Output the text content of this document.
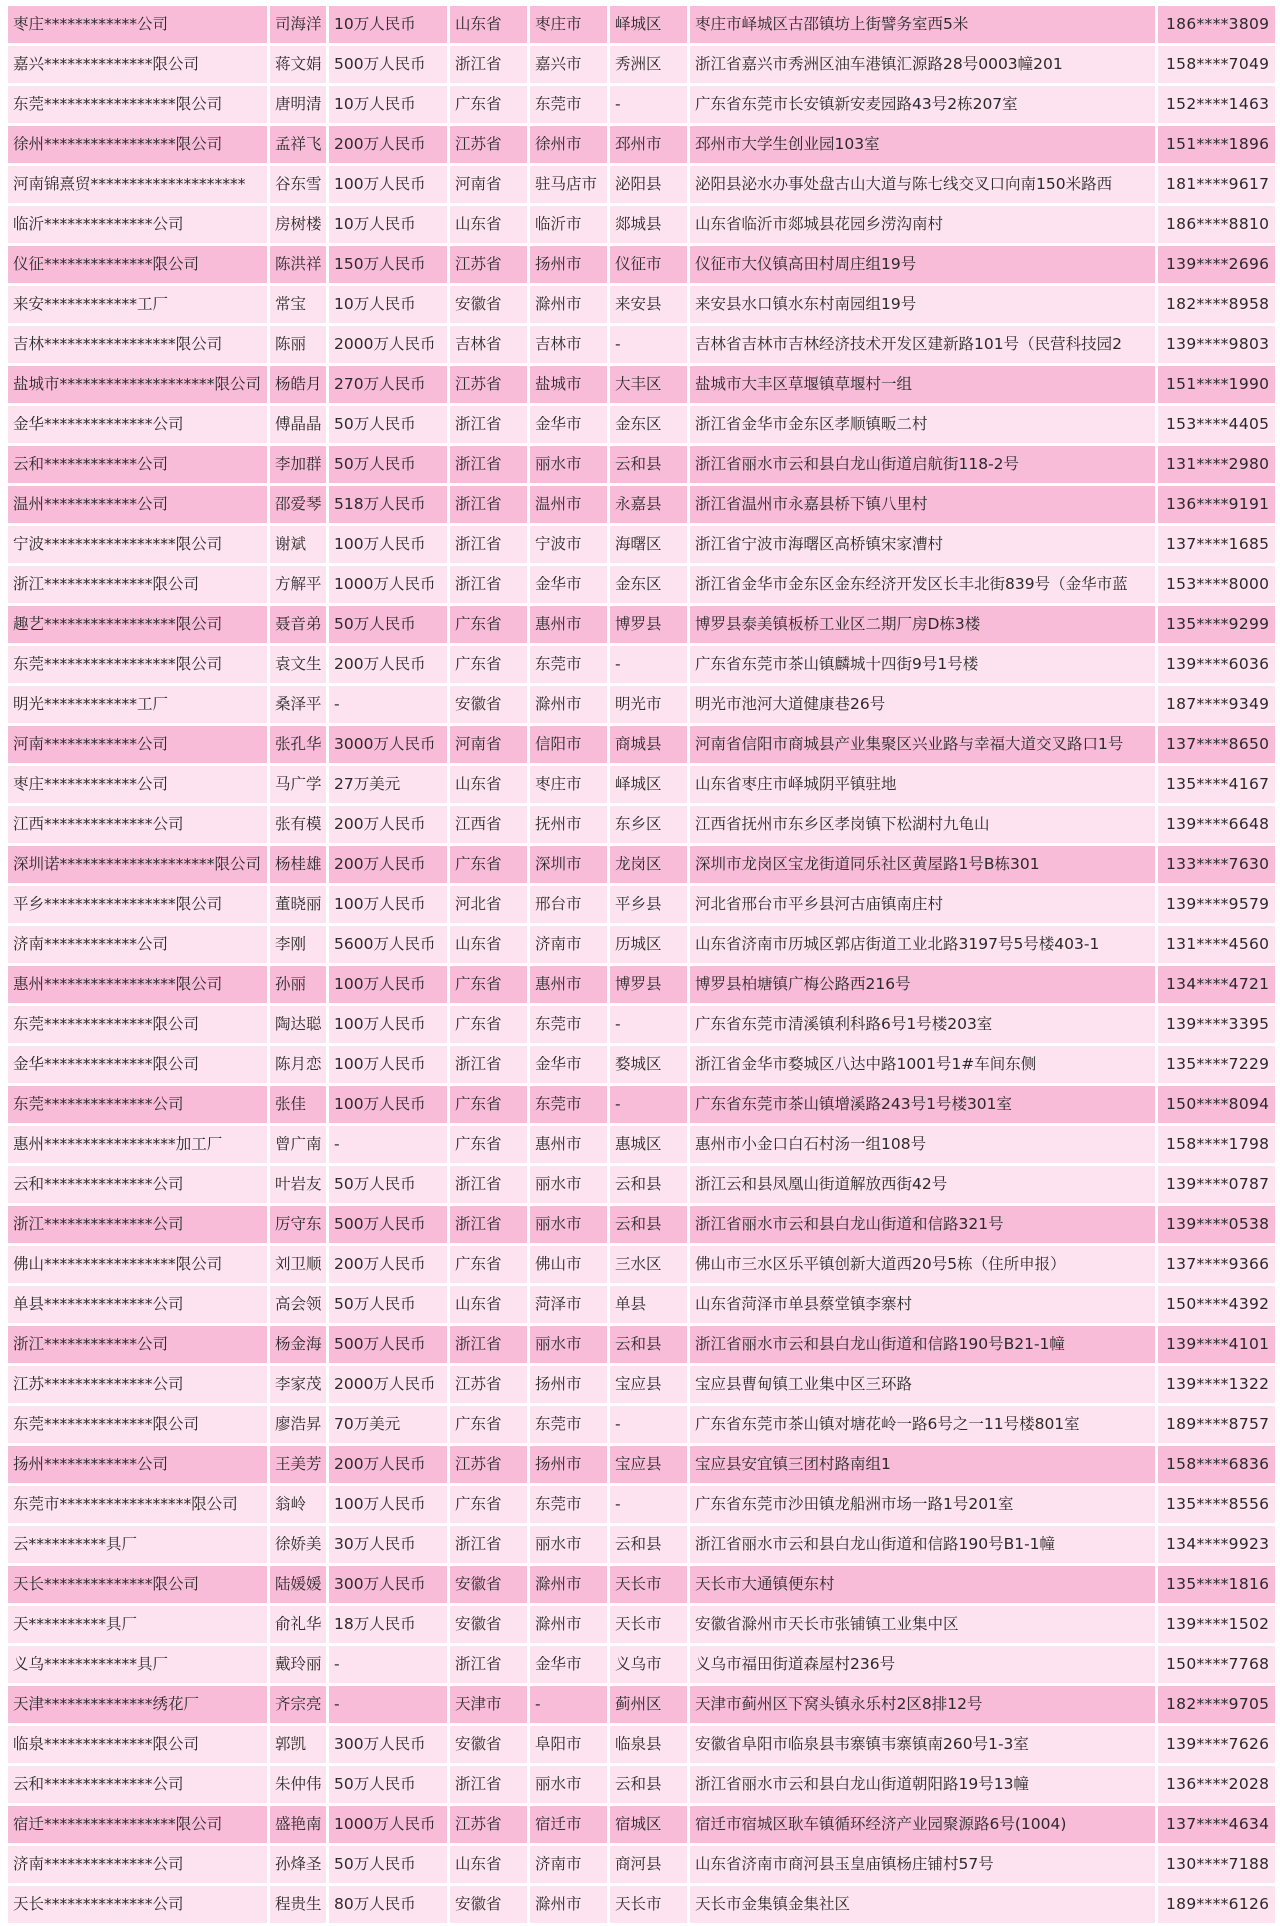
枣庄************公司	司海洋	10万人民币	山东省	枣庄市	峄城区	枣庄市峄城区古邵镇坊上街譬务室西5米	186****3809
嘉兴**************限公司	蒋文娟	500万人民币	浙江省	嘉兴市	秀洲区	浙江省嘉兴市秀洲区油车港镇汇源路28号0003幢201	158****7049
东莞*****************限公司	唐明清	10万人民币	广东省	东莞市	-	广东省东莞市长安镇新安麦园路43号2栋207室	152****1463
徐州*****************限公司	孟祥飞	200万人民币	江苏省	徐州市	邳州市	邳州市大学生创业园103室	151****1896
河南锦熹贸********************	谷东雪	100万人民币	河南省	驻马店市	泌阳县	泌阳县泌水办事处盘古山大道与陈七线交叉口向南150米路西	181****9617
临沂**************公司	房树楼	10万人民币	山东省	临沂市	郯城县	山东省临沂市郯城县花园乡涝沟南村	186****8810
仪征**************限公司	陈洪祥	150万人民币	江苏省	扬州市	仪征市	仪征市大仪镇高田村周庄组19号	139****2696
来安************工厂	常宝	10万人民币	安徽省	滁州市	来安县	来安县水口镇水东村南园组19号	182****8958
吉林*****************限公司	陈丽	2000万人民币	吉林省	吉林市	-	吉林省吉林市吉林经济技术开发区建新路101号（民营科技园2	139****9803
盐城市********************限公司	杨皓月	270万人民币	江苏省	盐城市	大丰区	盐城市大丰区草堰镇草堰村一组	151****1990
金华**************公司	傅晶晶	50万人民币	浙江省	金华市	金东区	浙江省金华市金东区孝顺镇畈二村	153****4405
云和************公司	李加群	50万人民币	浙江省	丽水市	云和县	浙江省丽水市云和县白龙山街道启航街118-2号	131****2980
温州************公司	邵爱琴	518万人民币	浙江省	温州市	永嘉县	浙江省温州市永嘉县桥下镇八里村	136****9191
宁波*****************限公司	谢斌	100万人民币	浙江省	宁波市	海曙区	浙江省宁波市海曙区高桥镇宋家漕村	137****1685
浙江**************限公司	方解平	1000万人民币	浙江省	金华市	金东区	浙江省金华市金东区金东经济开发区长丰北街839号（金华市蓝	153****8000
趣艺*****************限公司	聂音弟	50万人民币	广东省	惠州市	博罗县	博罗县泰美镇板桥工业区二期厂房D栋3楼	135****9299
东莞*****************限公司	袁文生	200万人民币	广东省	东莞市	-	广东省东莞市茶山镇麟城十四街9号1号楼	139****6036
明光************工厂	桑泽平	-	安徽省	滁州市	明光市	明光市池河大道健康巷26号	187****9349
河南************公司	张孔华	3000万人民币	河南省	信阳市	商城县	河南省信阳市商城县产业集聚区兴业路与幸福大道交叉路口1号	137****8650
枣庄************公司	马广学	27万美元	山东省	枣庄市	峄城区	山东省枣庄市峄城阴平镇驻地	135****4167
江西**************公司	张有模	200万人民币	江西省	抚州市	东乡区	江西省抚州市东乡区孝岗镇下松湖村九龟山	139****6648
深圳诺********************限公司	杨桂雄	200万人民币	广东省	深圳市	龙岗区	深圳市龙岗区宝龙街道同乐社区黄屋路1号B栋301	133****7630
平乡*****************限公司	董晓丽	100万人民币	河北省	邢台市	平乡县	河北省邢台市平乡县河古庙镇南庄村	139****9579
济南************公司	李刚	5600万人民币	山东省	济南市	历城区	山东省济南市历城区郭店街道工业北路3197号5号楼403-1	131****4560
惠州*****************限公司	孙丽	100万人民币	广东省	惠州市	博罗县	博罗县柏塘镇广梅公路西216号	134****4721
东莞**************限公司	陶达聪	100万人民币	广东省	东莞市	-	广东省东莞市清溪镇利科路6号1号楼203室	139****3395
金华**************限公司	陈月恋	100万人民币	浙江省	金华市	婺城区	浙江省金华市婺城区八达中路1001号1#车间东侧	135****7229
东莞**************公司	张佳	100万人民币	广东省	东莞市	-	广东省东莞市茶山镇增溪路243号1号楼301室	150****8094
惠州*****************加工厂	曾广南	-	广东省	惠州市	惠城区	惠州市小金口白石村汤一组108号	158****1798
云和**************公司	叶岩友	50万人民币	浙江省	丽水市	云和县	浙江云和县凤凰山街道解放西街42号	139****0787
浙江**************公司	厉守东	500万人民币	浙江省	丽水市	云和县	浙江省丽水市云和县白龙山街道和信路321号	139****0538
佛山*****************限公司	刘卫顺	200万人民币	广东省	佛山市	三水区	佛山市三水区乐平镇创新大道西20号5栋（住所申报）	137****9366
单县**************公司	高会领	50万人民币	山东省	菏泽市	单县	山东省菏泽市单县蔡堂镇李寨村	150****4392
浙江************公司	杨金海	500万人民币	浙江省	丽水市	云和县	浙江省丽水市云和县白龙山街道和信路190号B21-1幢	139****4101
江苏**************公司	李家茂	2000万人民币	江苏省	扬州市	宝应县	宝应县曹甸镇工业集中区三环路	139****1322
东莞**************限公司	廖浩昇	70万美元	广东省	东莞市	-	广东省东莞市茶山镇对塘花岭一路6号之一11号楼801室	189****8757
扬州************公司	王美芳	200万人民币	江苏省	扬州市	宝应县	宝应县安宜镇三团村路南组1	158****6836
东莞市*****************限公司	翁岭	100万人民币	广东省	东莞市	-	广东省东莞市沙田镇龙船洲市场一路1号201室	135****8556
云**********具厂	徐娇美	30万人民币	浙江省	丽水市	云和县	浙江省丽水市云和县白龙山街道和信路190号B1-1幢	134****9923
天长**************限公司	陆媛媛	300万人民币	安徽省	滁州市	天长市	天长市大通镇便东村	135****1816
天**********具厂	俞礼华	18万人民币	安徽省	滁州市	天长市	安徽省滁州市天长市张铺镇工业集中区	139****1502
义乌************具厂	戴玲丽	-	浙江省	金华市	义乌市	义乌市福田街道森屋村236号	150****7768
天津**************绣花厂	齐宗亮	-	天津市	-	蓟州区	天津市蓟州区下窝头镇永乐村2区8排12号	182****9705
临泉**************限公司	郭凯	300万人民币	安徽省	阜阳市	临泉县	安徽省阜阳市临泉县韦寨镇韦寨镇南260号1-3室	139****7626
云和**************公司	朱仲伟	50万人民币	浙江省	丽水市	云和县	浙江省丽水市云和县白龙山街道朝阳路19号13幢	136****2028
宿迁*****************限公司	盛艳南	1000万人民币	江苏省	宿迁市	宿城区	宿迁市宿城区耿车镇循环经济产业园聚源路6号(1004)	137****4634
济南**************公司	孙烽圣	50万人民币	山东省	济南市	商河县	山东省济南市商河县玉皇庙镇杨庄铺村57号	130****7188
天长**************公司	程贵生	80万人民币	安徽省	滁州市	天长市	天长市金集镇金集社区	189****6126
